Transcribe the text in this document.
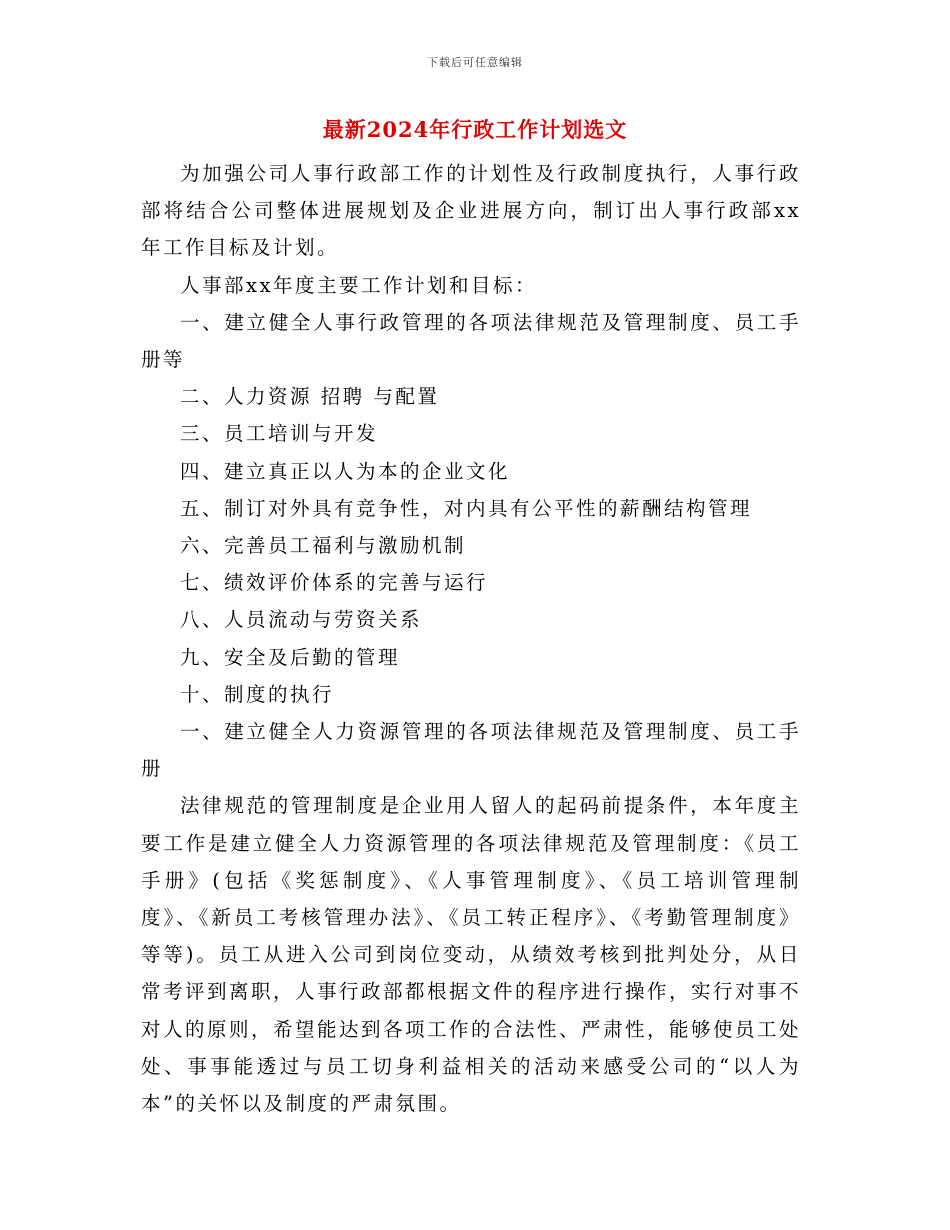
下载后可任意编辑
最新2024年行政工作计划选文

为加强公司人事行政部工作的计划性及行政制度执行，人事行政部将结合公司整体进展规划及企业进展方向，制订出人事行政部xx年工作目标及计划。

人事部xx年度主要工作计划和目标：

一、建立健全人事行政管理的各项法律规范及管理制度、员工手册等

二、人力资源 招聘 与配置

三、员工培训与开发

四、建立真正以人为本的企业文化

五、制订对外具有竞争性，对内具有公平性的薪酬结构管理

六、完善员工福利与激励机制

七、绩效评价体系的完善与运行

八、人员流动与劳资关系

九、安全及后勤的管理

十、制度的执行

一、建立健全人力资源管理的各项法律规范及管理制度、员工手册

法律规范的管理制度是企业用人留人的起码前提条件，本年度主要工作是建立健全人力资源管理的各项法律规范及管理制度：《员工手册》(包括《奖惩制度》、《人事管理制度》、《员工培训管理制度》、《新员工考核管理办法》、《员工转正程序》、《考勤管理制度》等等)。员工从进入公司到岗位变动，从绩效考核到批判处分，从日常考评到离职，人事行政部都根据文件的程序进行操作，实行对事不对人的原则，希望能达到各项工作的合法性、严肃性，能够使员工处处、事事能透过与员工切身利益相关的活动来感受公司的“以人为本”的关怀以及制度的严肃氛围。
